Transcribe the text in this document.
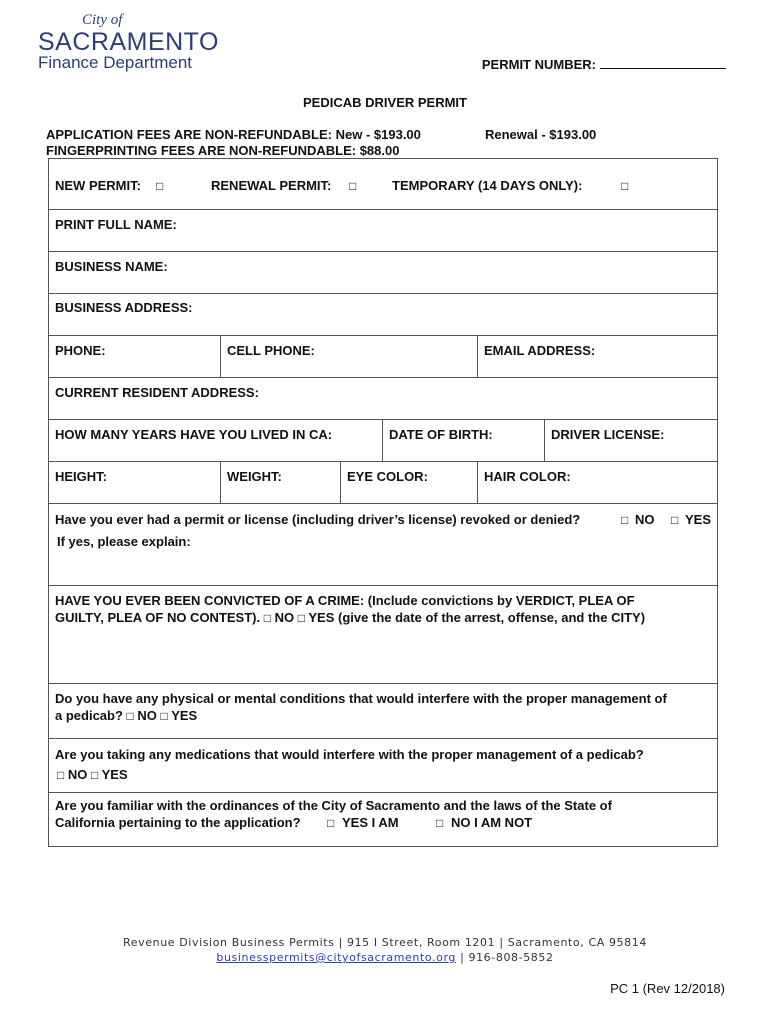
City of
SACRAMENTO
Finance Department	PERMIT NUMBER:
PEDICAB DRIVER PERMIT
APPLICATION FEES ARE NON-REFUNDABLE: New - $193.00	Renewal - $193.00
FINGERPRINTING FEES ARE NON-REFUNDABLE: $88.00
NEW PERMIT: □	RENEWAL PERMIT: □	TEMPORARY (14 DAYS ONLY):	□
PRINT FULL NAME:
BUSINESS NAME:
BUSINESS ADDRESS:
PHONE:	CELL PHONE:	EMAIL ADDRESS:
CURRENT RESIDENT ADDRESS:
HOW MANY YEARS HAVE YOU LIVED IN CA:	DATE OF BIRTH:	DRIVER LICENSE:
HEIGHT:	WEIGHT:	EYE COLOR:	HAIR COLOR:
Have you ever had a permit or license (including driver’s license) revoked or denied?	□ NO □ YES
If yes, please explain:
HAVE YOU EVER BEEN CONVICTED OF A CRIME: (Include convictions by VERDICT, PLEA OF
GUILTY, PLEA OF NO CONTEST). □ NO □ YES (give the date of the arrest, offense, and the CITY)
Do you have any physical or mental conditions that would interfere with the proper management of
a pedicab? □ NO □ YES
Are you taking any medications that would interfere with the proper management of a pedicab?
□ NO □ YES
Are you familiar with the ordinances of the City of Sacramento and the laws of the State of
California pertaining to the application? □ YES I AM	□ NO I AM NOT
Revenue Division Business Permits | 915 I Street, Room 1201 | Sacramento, CA 95814
businesspermits@cityofsacramento.org | 916-808-5852
PC 1 (Rev 12/2018)
